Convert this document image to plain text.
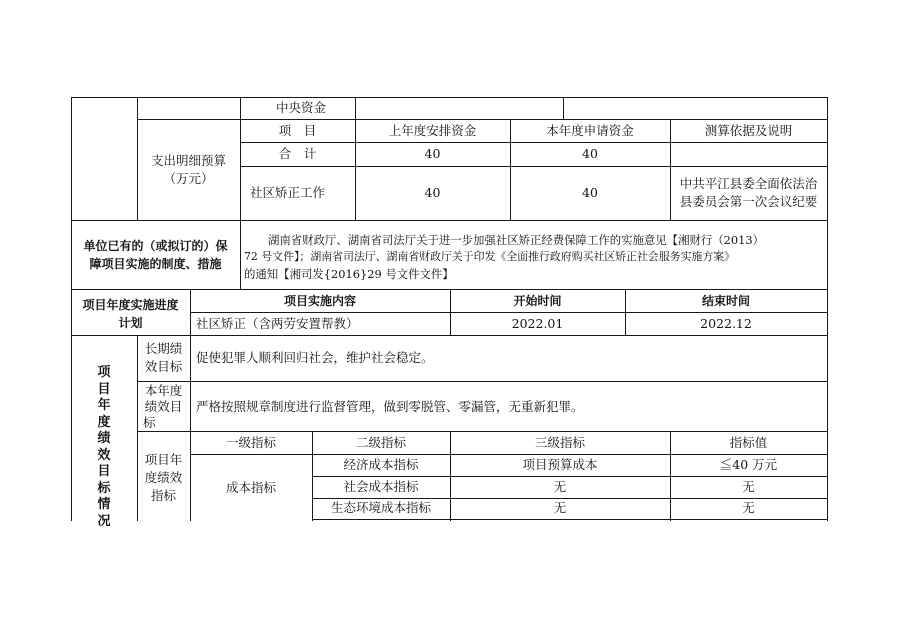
中央资金
支出明细预算
（万元）
项　目	上年度安排资金	本年度申请资金	测算依据及说明
合　计	40	40
社区矫正工作	40	40
中共平江县委全面依法治
县委员会第一次会议纪要
单位已有的（或拟订的）保
障项目实施的制度、措施
湖南省财政厅、湖南省司法厅关于进一步加强社区矫正经费保障工作的实施意见【湘财行（2013）
72 号文件】；湖南省司法厅、湖南省财政厅关于印发《全面推行政府购买社区矫正社会服务实施方案》
的通知【湘司发{2016}29 号文件文件】
项目年度实施进度
计划
项目实施内容	开始时间	结束时间
社区矫正（含两劳安置帮教）	2022.01	2022.12
项目年度绩效目标情况
长期绩
效目标
促使犯罪人顺利回归社会，维护社会稳定。
本年度
绩效目
标
严格按照规章制度进行监督管理，做到零脱管、零漏管，无重新犯罪。
项目年
度绩效
指标
一级指标	二级指标	三级指标	指标值
成本指标
经济成本指标	项目预算成本	≦40 万元
社会成本指标	无	无
生态环境成本指标	无	无
